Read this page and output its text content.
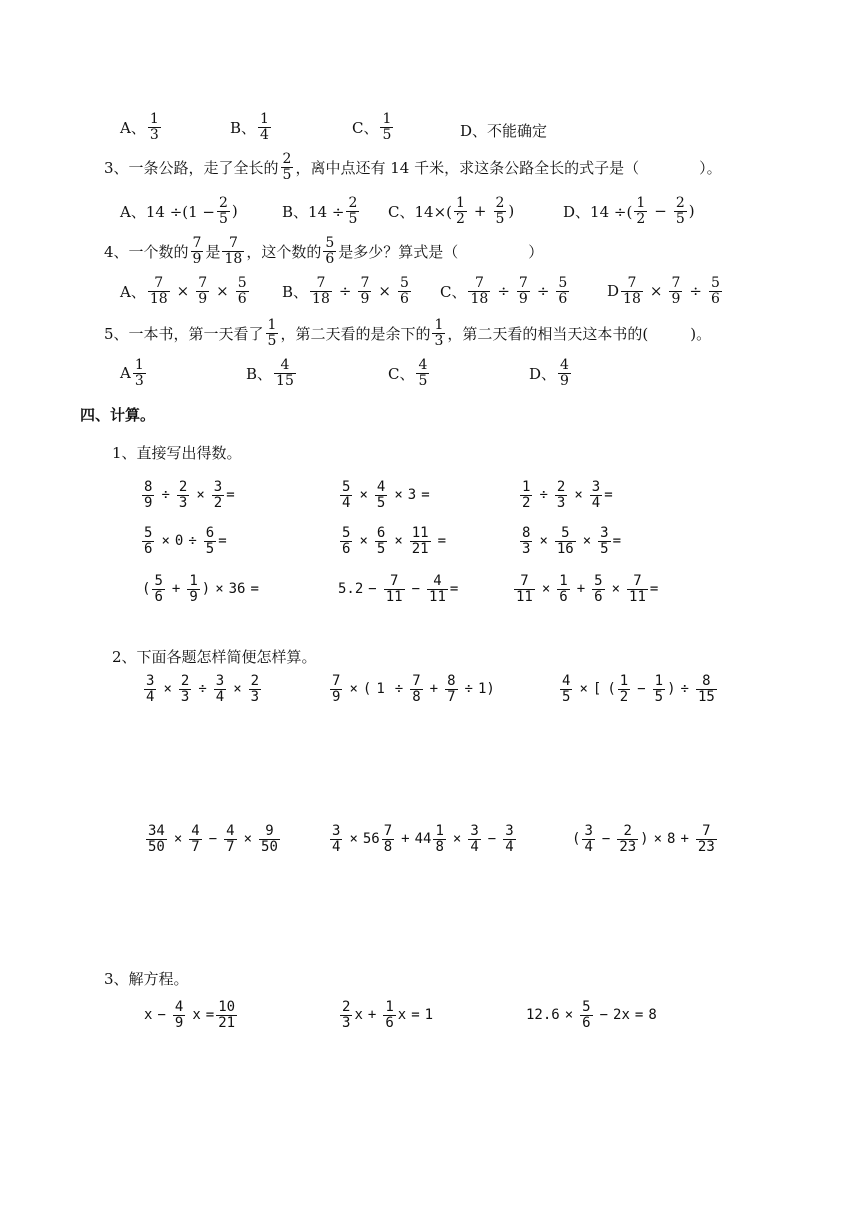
A、 $\frac{1}{3}$	B、 $\frac{1}{4}$	C、 $\frac{1}{5}$	D、不能确定
3、一条公路，走了全长的 $\frac{2}{5}$ ，离中点还有 14 千米，求这条公路全长的式子是（	）。
A、$14 \div(1 - \frac{2}{5}$ )	B、$14 \div \frac{2}{5}$ C、$14\times( \frac{1}{2} + \frac{2}{5}$ )	D、14 ÷( $\frac{1}{2} - \frac{2}{5}$ )
4、一个数的 $\frac{7}{9}$ 是 $\frac{7}{18}$ ，这个数的 $\frac{5}{6}$ 是多少？算式是（	）
A、 $\frac{7}{18} \times \frac{7}{9} \times \frac{5}{6}$ B、 $\frac{7}{18} \div \frac{7}{9} \times \frac{5}{6}$ C、 $\frac{7}{18} \div \frac{7}{9} \div \frac{5}{6}$	D $\frac{7}{18} \times \frac{7}{9} \div \frac{5}{6}$
5、一本书，第一天看了 $\frac{1}{5}$ ，第二天看的是余下的 $\frac{1}{3}$ ，第二天看的相当天这本书的(	)。
A $\frac{1}{3}$	B、 $\frac{4}{15}$	C、 $\frac{4}{5}$	D、 $\frac{4}{9}$
四、计算。
1、直接写出得数。
$\frac{8}{9} \div \frac{2}{3} \times \frac{3}{2}$ =	$\frac{5}{4} \times \frac{4}{5} \times 3$ =	$\frac{1}{2} \div \frac{2}{3} \times \frac{3}{4}$ =
$\frac{5}{6} \times 0 \div \frac{6}{5}$ =	$\frac{5}{6} \times \frac{6}{5} \times \frac{11}{21}$ =	$\frac{8}{3} \times \frac{5}{16} \times \frac{3}{5}$ =
( $\frac{5}{6} + \frac{1}{9}$ ) × 36 =	$5.2 - \frac{7}{11} - \frac{4}{11}$ =	$\frac{7}{11} \times \frac{1}{6} + \frac{5}{6} \times \frac{7}{11}$ =
2、下面各题怎样简便怎样算。
$\frac{3}{4} \times \frac{2}{3} \div \frac{3}{4} \times \frac{2}{3}$	$\frac{7}{9}$ × ( $1 \div \frac{7}{8} + \frac{8}{7} \div 1$ )	$\frac{4}{5}$ × [ ( $\frac{1}{2} - \frac{1}{5}$ ) ÷ $\frac{8}{15}$
$\frac{34}{50} \times \frac{4}{7} - \frac{4}{7} \times \frac{9}{50}$	$\frac{3}{4} \times 56 \frac{7}{8} + 44 \frac{1}{8} \times \frac{3}{4} - \frac{3}{4}$	( $\frac{3}{4} - \frac{2}{23}$ ) × $8 + \frac{7}{23}$
3、解方程。
$x - \frac{4}{9}$ $x = \frac{10}{21}$	$\frac{2}{3}$ $x + \frac{1}{6}$ x = 1	$12.6 \times \frac{5}{6} - 2x = 8$
